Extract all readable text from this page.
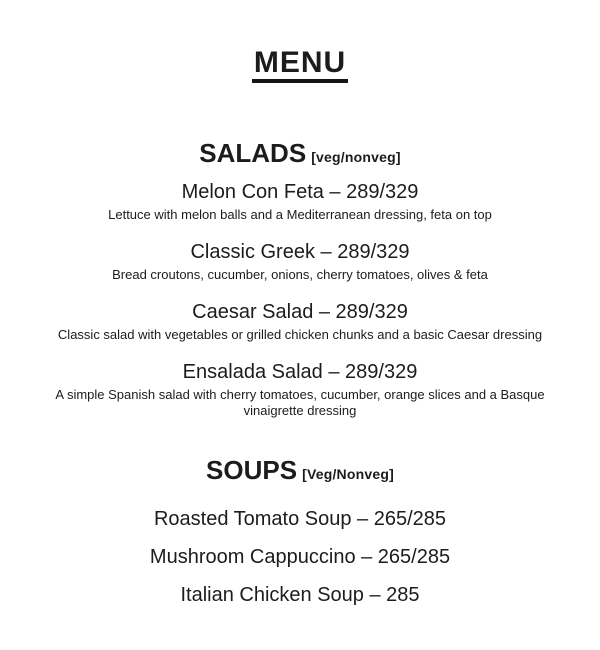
MENU
SALADS [veg/nonveg]
Melon Con Feta – 289/329
Lettuce with melon balls and a Mediterranean dressing, feta on top
Classic Greek – 289/329
Bread croutons, cucumber, onions, cherry tomatoes, olives & feta
Caesar Salad – 289/329
Classic salad with vegetables or grilled chicken chunks and a basic Caesar dressing
Ensalada Salad – 289/329
A simple Spanish salad with cherry tomatoes, cucumber, orange slices and a Basque vinaigrette dressing
SOUPS [Veg/Nonveg]
Roasted Tomato Soup – 265/285
Mushroom Cappuccino – 265/285
Italian Chicken Soup – 285
